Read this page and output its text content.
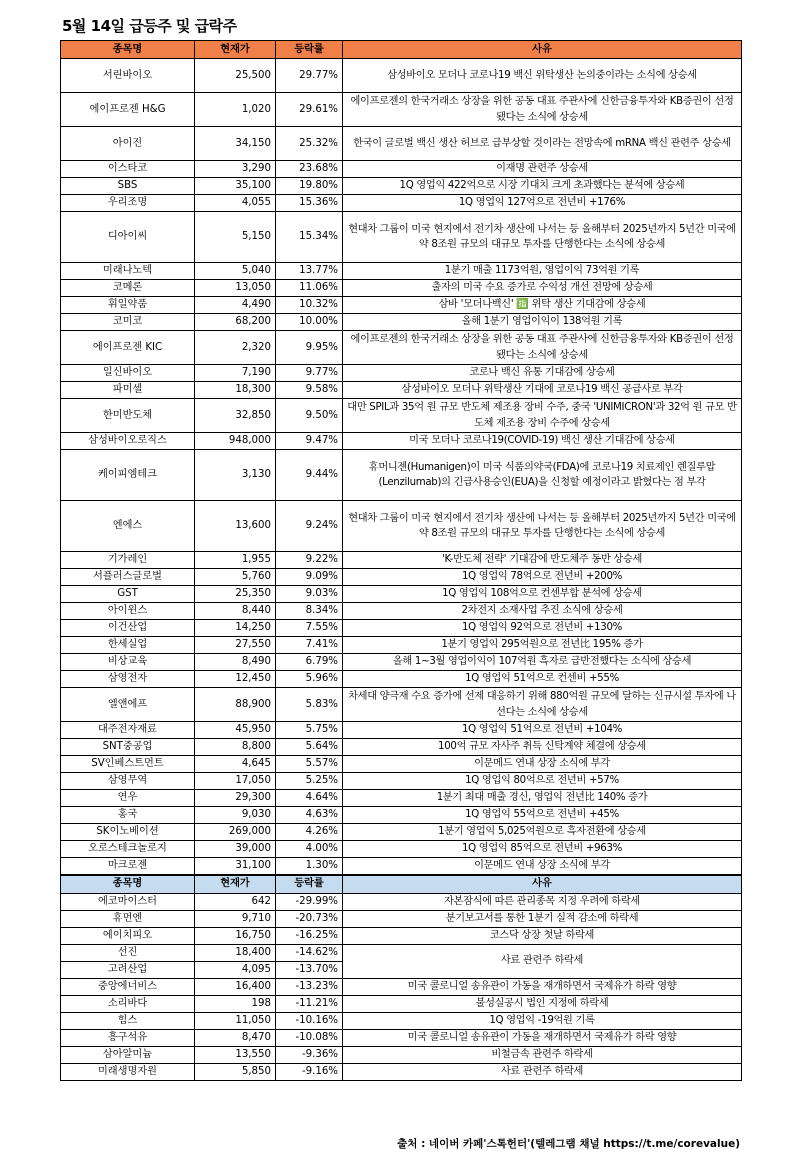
5월 14일 급등주 및 급락주
종목명	현재가	등락률	사유
서린바이오	25,500	29.77%	삼성바이오 모더나 코로나19 백신 위탁생산 논의중이라는 소식에 상승세
에이프로젠 H&G	1,020	29.61%	에이프로젠의 한국거래소 상장을 위한 공동 대표 주관사에 신한금융투자와 KB증권이 선정됐다는 소식에 상승세
아이진	34,150	25.32%	한국이 글로벌 백신 생산 허브로 급부상할 것이라는 전망속에 mRNA 백신 관련주 상승세
이스타코	3,290	23.68%	이재명 관련주 상승세
SBS	35,100	19.80%	1Q 영업익 422억으로 시장 기대치 크게 초과했다는 분석에 상승세
우리조명	4,055	15.36%	1Q 영업익 127억으로 전년비 +176%
디아이씨	5,150	15.34%	현대차 그룹이 미국 현지에서 전기차 생산에 나서는 등 올해부터 2025년까지 5년간 미국에 약 8조원 규모의 대규모 투자를 단행한다는 소식에 상승세
미래나노텍	5,040	13.77%	1분기 매출 1173억원, 영업이익 73억원 기록
코메론	13,050	11.06%	출자의 미국 수요 증가로 수익성 개선 전망에 상승세
휘일약품	4,490	10.32%	삼바 '모더나백신' 🈯 위탁 생산 기대감에 상승세
코미코	68,200	10.00%	올해 1분기 영업이익이 138억원 기록
에이프로젠 KIC	2,320	9.95%	에이프로젠의 한국거래소 상장을 위한 공동 대표 주관사에 신한금융투자와 KB증권이 선정됐다는 소식에 상승세
일신바이오	7,190	9.77%	코로나 백신 유통 기대감에 상승세
파미셀	18,300	9.58%	삼성바이오 모더나 위탁생산 기대에 코로나19 백신 공급사로 부각
한미반도체	32,850	9.50%	대만 SPIL과 35억 원 규모 반도체 제조용 장비 수주, 중국 'UNIMICRON'과 32억 원 규모 반도체 제조용 장비 수주에 상승세
삼성바이오로직스	948,000	9.47%	미국 모더나 코로나19(COVID-19) 백신 생산 기대감에 상승세
케이피엠테크	3,130	9.44%	휴머니젠(Humanigen)이 미국 식품의약국(FDA)에 코로나19 치료제인 렌질루맙(Lenzilumab)의 긴급사용승인(EUA)을 신청할 예정이라고 밝혔다는 점 부각
엔에스	13,600	9.24%	현대차 그룹이 미국 현지에서 전기차 생산에 나서는 등 올해부터 2025년까지 5년간 미국에 약 8조원 규모의 대규모 투자를 단행한다는 소식에 상승세
기가레인	1,955	9.22%	'K-반도체 전략' 기대감에 반도체주 동반 상승세
서플러스글로벌	5,760	9.09%	1Q 영업익 78억으로 전년비 +200%
GST	25,350	9.03%	1Q 영업익 108억으로 컨센부합 분석에 상승세
아이윈스	8,440	8.34%	2차전지 소재사업 추진 소식에 상승세
이건산업	14,250	7.55%	1Q 영업익 92억으로 전년비 +130%
한세실업	27,550	7.41%	1분기 영업익 295억원으로 전년比 195% 증가
비상교육	8,490	6.79%	올해 1~3월 영업이익이 107억원 흑자로 급반전했다는 소식에 상승세
삼영전자	12,450	5.96%	1Q 영업익 51억으로 컨센비 +55%
엘앤에프	88,900	5.83%	차세대 양극재 수요 증가에 선제 대응하기 위해 880억원 규모에 달하는 신규시설 투자에 나선다는 소식에 상승세
대주전자재료	45,950	5.75%	1Q 영업익 51억으로 전년비 +104%
SNT중공업	8,800	5.64%	100억 규모 자사주 취득 신탁계약 체결에 상승세
SV인베스트먼트	4,645	5.57%	이문메드 연내 상장 소식에 부각
삼영무역	17,050	5.25%	1Q 영업익 80억으로 전년비 +57%
연우	29,300	4.64%	1분기 최대 매출 경신, 영업익 전년比 140% 증가
홍국	9,030	4.63%	1Q 영업익 55억으로 전년비 +45%
SK이노베이션	269,000	4.26%	1분기 영업익 5,025억원으로 흑자전환에 상승세
오로스테크놀로지	39,000	4.00%	1Q 영업익 85억으로 전년비 +963%
마크로젠	31,100	1.30%	이문메드 연내 상장 소식에 부각
종목명	현재가	등락률	사유
에코마이스터	642	-29.99%	자본잠식에 따른 관리종목 지정 우려에 하락세
휴먼엔	9,710	-20.73%	분기보고서를 통한 1분기 실적 감소에 하락세
에이치피오	16,750	-16.25%	코스닥 상장 첫날 하락세
선진	18,400	-14.62%	사료 관련주 하락세
고려산업	4,095	-13.70%	
중앙에너비스	16,400	-13.23%	미국 콜로니얼 송유관이 가동을 재개하면서 국제유가 하락 영향
소리바다	198	-11.21%	불성실공시 법인 지정에 하락세
힘스	11,050	-10.16%	1Q 영업익 -19억원 기록
흥구석유	8,470	-10.08%	미국 콜로니얼 송유관이 가동을 재개하면서 국제유가 하락 영향
삼아알미늄	13,550	-9.36%	비철금속 관련주 하락세
미래생명자원	5,850	-9.16%	사료 관련주 하락세
출처 : 네이버 카페'스톡헌터'(텔레그램 채널 https://t.me/corevalue)
